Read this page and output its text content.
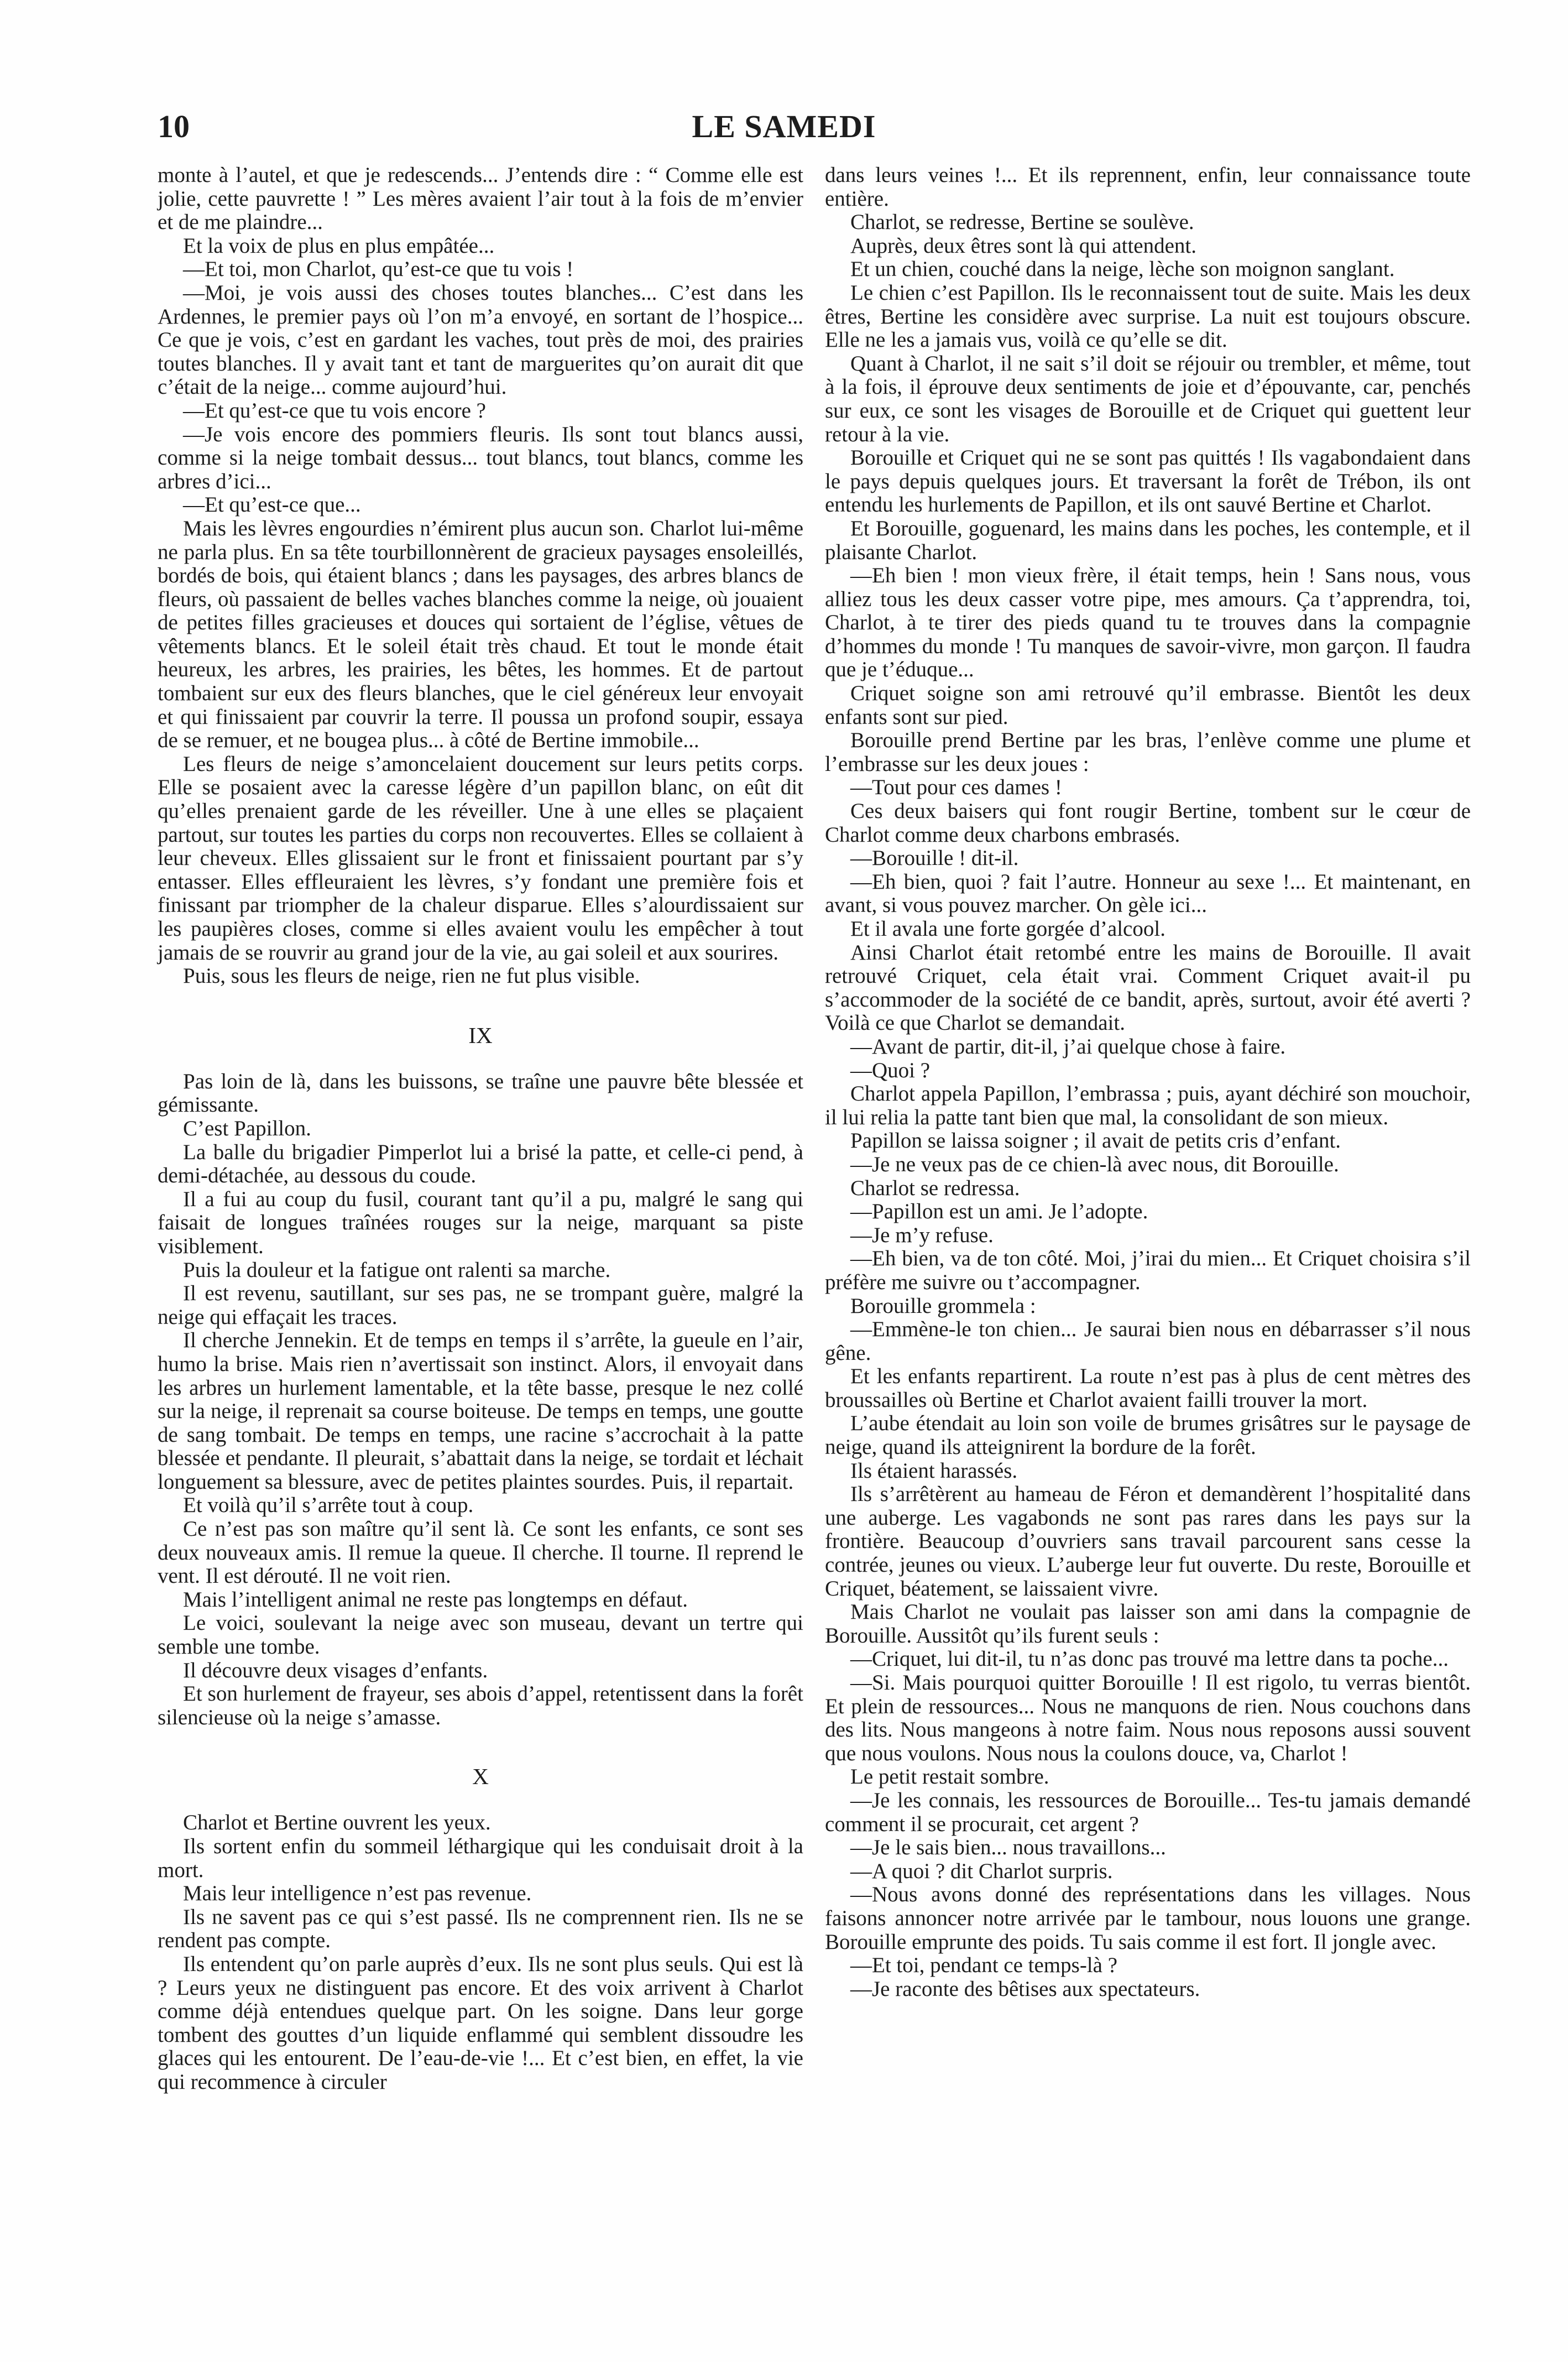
10	LE SAMEDI

monte à l’autel, et que je redescends... J’entends dire : “ Comme elle est jolie, cette pauvrette ! ” Les mères avaient l’air tout à la fois de m’envier et de me plaindre...

Et la voix de plus en plus empâtée...

—Et toi, mon Charlot, qu’est-ce que tu vois !

—Moi, je vois aussi des choses toutes blanches... C’est dans les Ardennes, le premier pays où l’on m’a envoyé, en sortant de l’hospice... Ce que je vois, c’est en gardant les vaches, tout près de moi, des prairies toutes blanches. Il y avait tant et tant de marguerites qu’on aurait dit que c’était de la neige... comme aujourd’hui.

—Et qu’est-ce que tu vois encore ?

—Je vois encore des pommiers fleuris. Ils sont tout blancs aussi, comme si la neige tombait dessus... tout blancs, tout blancs, comme les arbres d’ici...

—Et qu’est-ce que...

Mais les lèvres engourdies n’émirent plus aucun son. Charlot lui-même ne parla plus. En sa tête tourbillonnèrent de gracieux paysages ensoleillés, bordés de bois, qui étaient blancs ; dans les paysages, des arbres blancs de fleurs, où passaient de belles vaches blanches comme la neige, où jouaient de petites filles gracieuses et douces qui sortaient de l’église, vêtues de vêtements blancs. Et le soleil était très chaud. Et tout le monde était heureux, les arbres, les prairies, les bêtes, les hommes. Et de partout tombaient sur eux des fleurs blanches, que le ciel généreux leur envoyait et qui finissaient par couvrir la terre. Il poussa un profond soupir, essaya de se remuer, et ne bougea plus... à côté de Bertine immobile...

Les fleurs de neige s’amoncelaient doucement sur leurs petits corps. Elle se posaient avec la caresse légère d’un papillon blanc, on eût dit qu’elles prenaient garde de les réveiller. Une à une elles se plaçaient partout, sur toutes les parties du corps non recouvertes. Elles se collaient à leur cheveux. Elles glissaient sur le front et finissaient pourtant par s’y entasser. Elles effleuraient les lèvres, s’y fondant une première fois et finissant par triompher de la chaleur disparue. Elles s’alourdissaient sur les paupières closes, comme si elles avaient voulu les empêcher à tout jamais de se rouvrir au grand jour de la vie, au gai soleil et aux sourires.

Puis, sous les fleurs de neige, rien ne fut plus visible.

IX

Pas loin de là, dans les buissons, se traîne une pauvre bête blessée et gémissante.

C’est Papillon.

La balle du brigadier Pimperlot lui a brisé la patte, et celle-ci pend, à demi-détachée, au dessous du coude.

Il a fui au coup du fusil, courant tant qu’il a pu, malgré le sang qui faisait de longues traînées rouges sur la neige, marquant sa piste visiblement.

Puis la douleur et la fatigue ont ralenti sa marche.

Il est revenu, sautillant, sur ses pas, ne se trompant guère, malgré la neige qui effaçait les traces.

Il cherche Jennekin. Et de temps en temps il s’arrête, la gueule en l’air, humo la brise. Mais rien n’avertissait son instinct. Alors, il envoyait dans les arbres un hurlement lamentable, et la tête basse, presque le nez collé sur la neige, il reprenait sa course boiteuse. De temps en temps, une goutte de sang tombait. De temps en temps, une racine s’accrochait à la patte blessée et pendante. Il pleurait, s’abattait dans la neige, se tordait et léchait longuement sa blessure, avec de petites plaintes sourdes. Puis, il repartait.

Et voilà qu’il s’arrête tout à coup.

Ce n’est pas son maître qu’il sent là. Ce sont les enfants, ce sont ses deux nouveaux amis. Il remue la queue. Il cherche. Il tourne. Il reprend le vent. Il est dérouté. Il ne voit rien.

Mais l’intelligent animal ne reste pas longtemps en défaut.

Le voici, soulevant la neige avec son museau, devant un tertre qui semble une tombe.

Il découvre deux visages d’enfants.

Et son hurlement de frayeur, ses abois d’appel, retentissent dans la forêt silencieuse où la neige s’amasse.

X

Charlot et Bertine ouvrent les yeux.

Ils sortent enfin du sommeil léthargique qui les conduisait droit à la mort.

Mais leur intelligence n’est pas revenue.

Ils ne savent pas ce qui s’est passé. Ils ne comprennent rien. Ils ne se rendent pas compte.

Ils entendent qu’on parle auprès d’eux. Ils ne sont plus seuls. Qui est là ? Leurs yeux ne distinguent pas encore. Et des voix arrivent à Charlot comme déjà entendues quelque part. On les soigne. Dans leur gorge tombent des gouttes d’un liquide enflammé qui semblent dissoudre les glaces qui les entourent. De l’eau-de-vie !... Et c’est bien, en effet, la vie qui recommence à circuler

dans leurs veines !... Et ils reprennent, enfin, leur connaissance toute entière.

Charlot, se redresse, Bertine se soulève.

Auprès, deux êtres sont là qui attendent.

Et un chien, couché dans la neige, lèche son moignon sanglant.

Le chien c’est Papillon. Ils le reconnaissent tout de suite. Mais les deux êtres, Bertine les considère avec surprise. La nuit est toujours obscure. Elle ne les a jamais vus, voilà ce qu’elle se dit.

Quant à Charlot, il ne sait s’il doit se réjouir ou trembler, et même, tout à la fois, il éprouve deux sentiments de joie et d’épouvante, car, penchés sur eux, ce sont les visages de Borouille et de Criquet qui guettent leur retour à la vie.

Borouille et Criquet qui ne se sont pas quittés ! Ils vagabondaient dans le pays depuis quelques jours. Et traversant la forêt de Trébon, ils ont entendu les hurlements de Papillon, et ils ont sauvé Bertine et Charlot.

Et Borouille, goguenard, les mains dans les poches, les contemple, et il plaisante Charlot.

—Eh bien ! mon vieux frère, il était temps, hein ! Sans nous, vous alliez tous les deux casser votre pipe, mes amours. Ça t’apprendra, toi, Charlot, à te tirer des pieds quand tu te trouves dans la compagnie d’hommes du monde ! Tu manques de savoir-vivre, mon garçon. Il faudra que je t’éduque...

Criquet soigne son ami retrouvé qu’il embrasse. Bientôt les deux enfants sont sur pied.

Borouille prend Bertine par les bras, l’enlève comme une plume et l’embrasse sur les deux joues :

—Tout pour ces dames !

Ces deux baisers qui font rougir Bertine, tombent sur le cœur de Charlot comme deux charbons embrasés.

—Borouille ! dit-il.

—Eh bien, quoi ? fait l’autre. Honneur au sexe !... Et maintenant, en avant, si vous pouvez marcher. On gèle ici...

Et il avala une forte gorgée d’alcool.

Ainsi Charlot était retombé entre les mains de Borouille. Il avait retrouvé Criquet, cela était vrai. Comment Criquet avait-il pu s’accommoder de la société de ce bandit, après, surtout, avoir été averti ? Voilà ce que Charlot se demandait.

—Avant de partir, dit-il, j’ai quelque chose à faire.

—Quoi ?

Charlot appela Papillon, l’embrassa ; puis, ayant déchiré son mouchoir, il lui relia la patte tant bien que mal, la consolidant de son mieux.

Papillon se laissa soigner ; il avait de petits cris d’enfant.

—Je ne veux pas de ce chien-là avec nous, dit Borouille.

Charlot se redressa.

—Papillon est un ami. Je l’adopte.

—Je m’y refuse.

—Eh bien, va de ton côté. Moi, j’irai du mien... Et Criquet choisira s’il préfère me suivre ou t’accompagner.

Borouille grommela :

—Emmène-le ton chien... Je saurai bien nous en débarrasser s’il nous gêne.

Et les enfants repartirent. La route n’est pas à plus de cent mètres des broussailles où Bertine et Charlot avaient failli trouver la mort.

L’aube étendait au loin son voile de brumes grisâtres sur le paysage de neige, quand ils atteignirent la bordure de la forêt.

Ils étaient harassés.

Ils s’arrêtèrent au hameau de Féron et demandèrent l’hospitalité dans une auberge. Les vagabonds ne sont pas rares dans les pays sur la frontière. Beaucoup d’ouvriers sans travail parcourent sans cesse la contrée, jeunes ou vieux. L’auberge leur fut ouverte. Du reste, Borouille et Criquet, béatement, se laissaient vivre.

Mais Charlot ne voulait pas laisser son ami dans la compagnie de Borouille. Aussitôt qu’ils furent seuls :

—Criquet, lui dit-il, tu n’as donc pas trouvé ma lettre dans ta poche...

—Si. Mais pourquoi quitter Borouille ! Il est rigolo, tu verras bientôt. Et plein de ressources... Nous ne manquons de rien. Nous couchons dans des lits. Nous mangeons à notre faim. Nous nous reposons aussi souvent que nous voulons. Nous nous la coulons douce, va, Charlot !

Le petit restait sombre.

—Je les connais, les ressources de Borouille... Tes-tu jamais demandé comment il se procurait, cet argent ?

—Je le sais bien... nous travaillons...

—A quoi ? dit Charlot surpris.

—Nous avons donné des représentations dans les villages. Nous faisons annoncer notre arrivée par le tambour, nous louons une grange. Borouille emprunte des poids. Tu sais comme il est fort. Il jongle avec.

—Et toi, pendant ce temps-là ?

—Je raconte des bêtises aux spectateurs.
